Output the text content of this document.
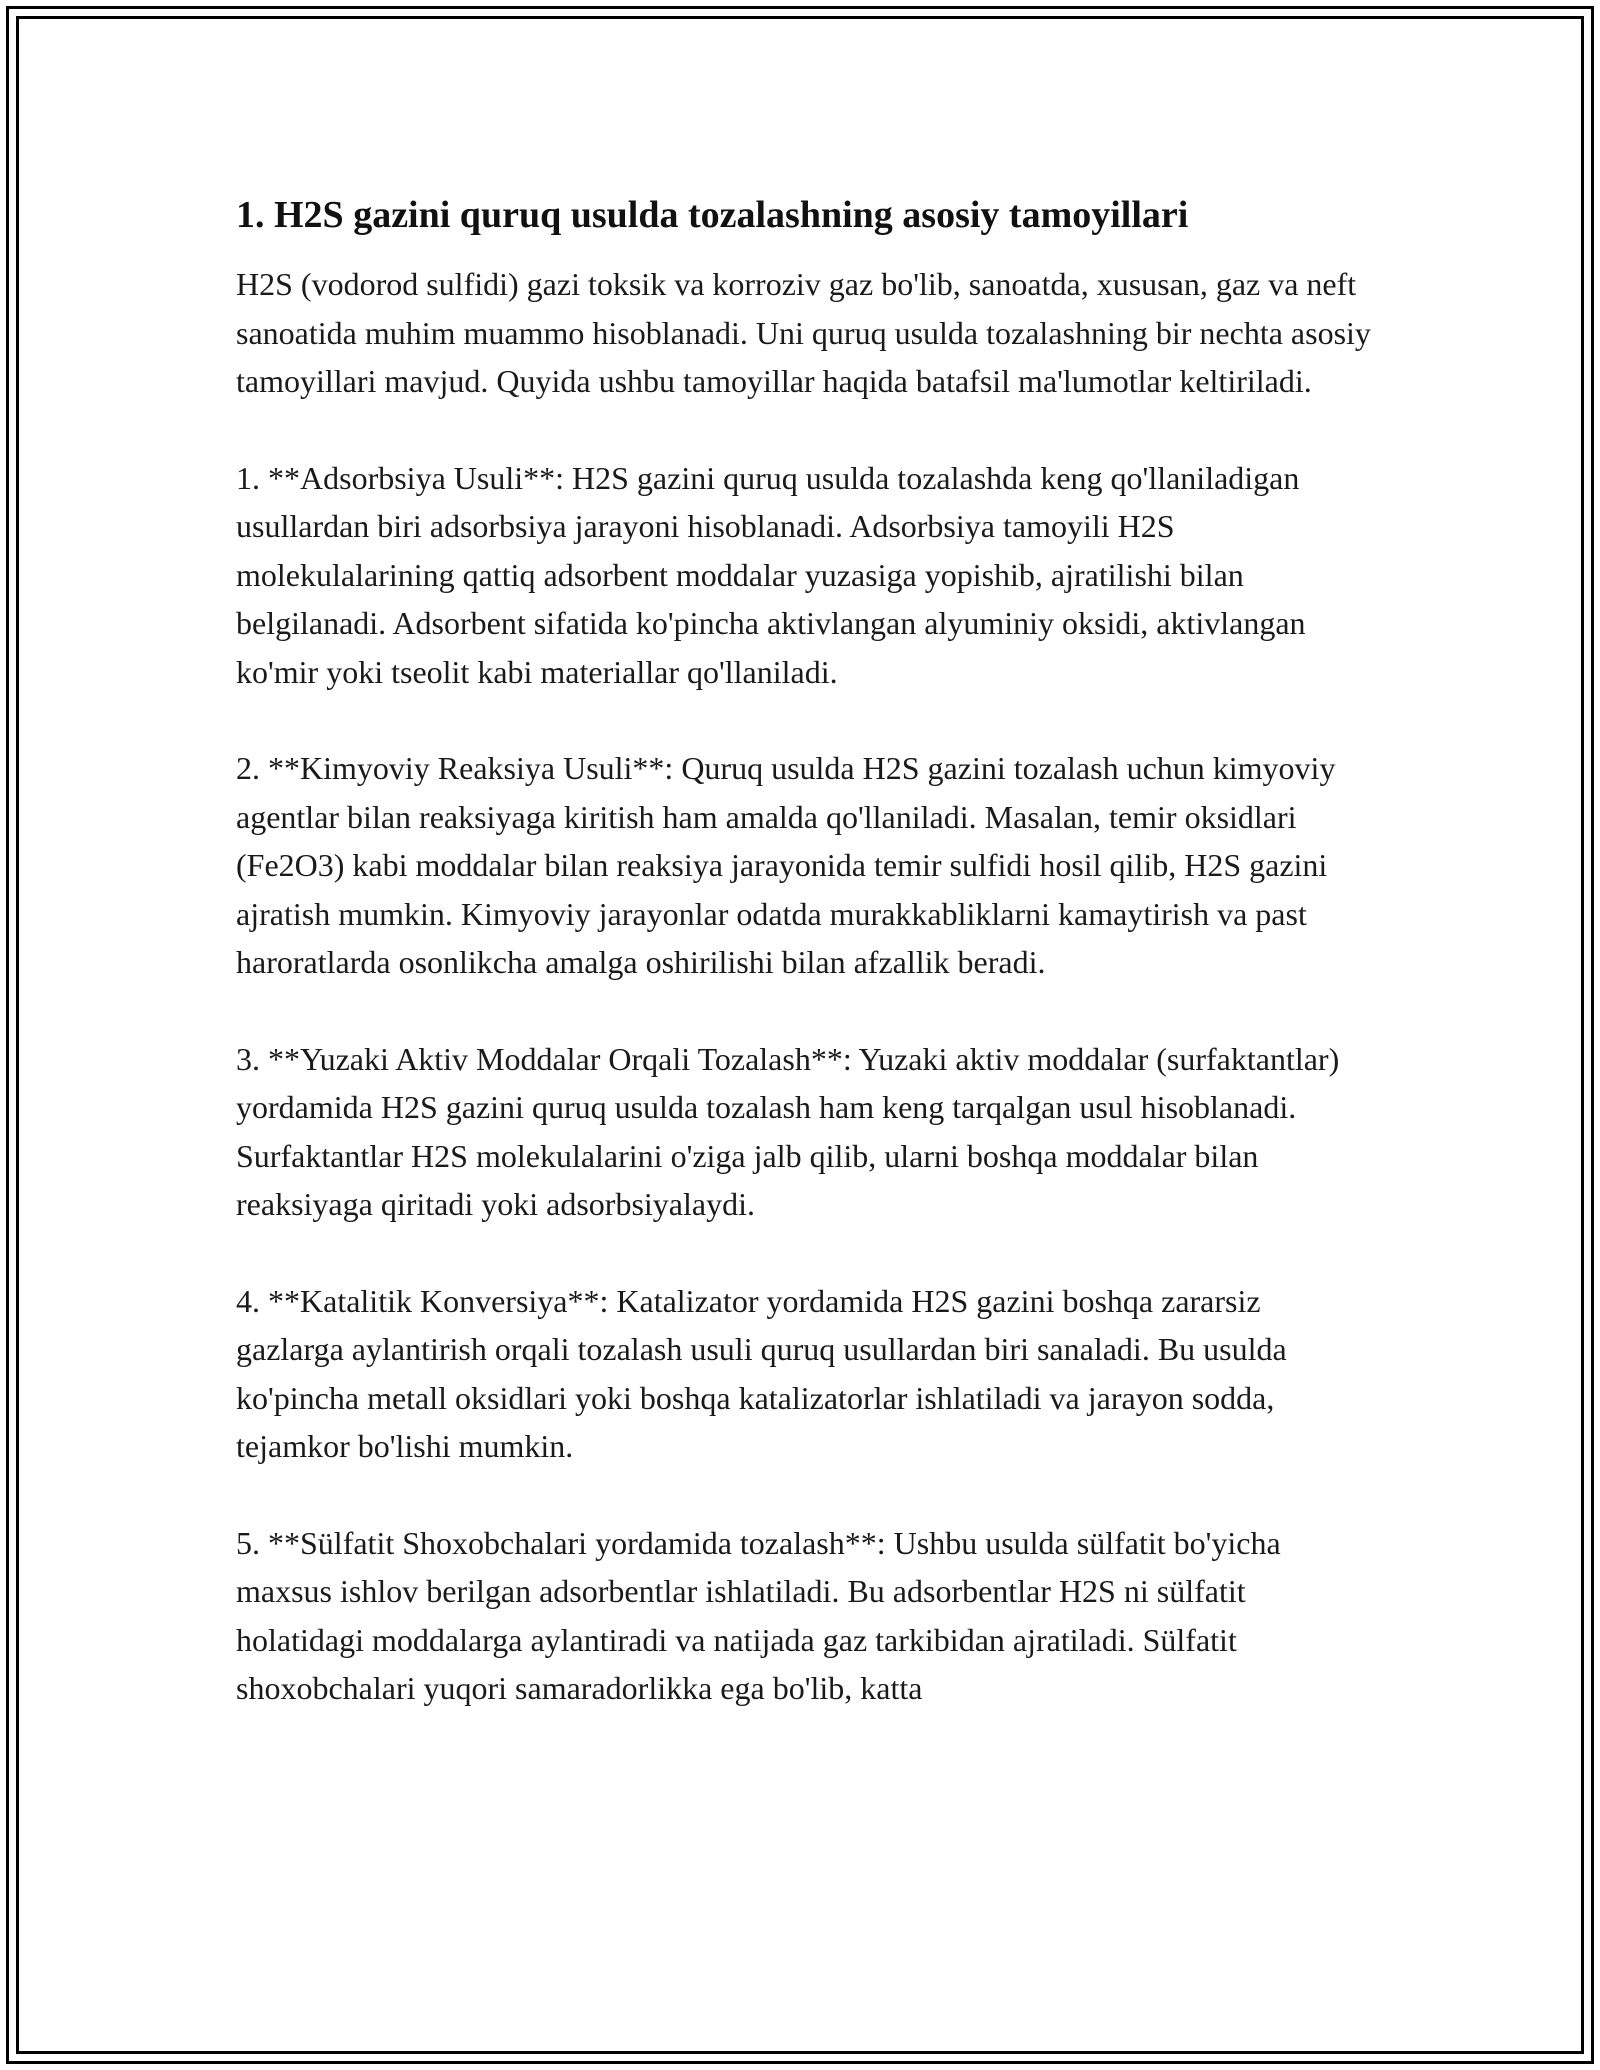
1. H2S gazini quruq usulda tozalashning asosiy tamoyillari

H2S (vodorod sulfidi) gazi toksik va korroziv gaz bo'lib, sanoatda, xususan, gaz va neft sanoatida muhim muammo hisoblanadi. Uni quruq usulda tozalashning bir nechta asosiy tamoyillari mavjud. Quyida ushbu tamoyillar haqida batafsil ma'lumotlar keltiriladi.

1. **Adsorbsiya Usuli**: H2S gazini quruq usulda tozalashda keng qo'llaniladigan usullardan biri adsorbsiya jarayoni hisoblanadi. Adsorbsiya tamoyili H2S molekulalarining qattiq adsorbent moddalar yuzasiga yopishib, ajratilishi bilan belgilanadi. Adsorbent sifatida ko'pincha aktivlangan alyuminiy oksidi, aktivlangan ko'mir yoki tseolit kabi materiallar qo'llaniladi.

2. **Kimyoviy Reaksiya Usuli**: Quruq usulda H2S gazini tozalash uchun kimyoviy agentlar bilan reaksiyaga kiritish ham amalda qo'llaniladi. Masalan, temir oksidlari (Fe2O3) kabi moddalar bilan reaksiya jarayonida temir sulfidi hosil qilib, H2S gazini ajratish mumkin. Kimyoviy jarayonlar odatda murakkabliklarni kamaytirish va past haroratlarda osonlikcha amalga oshirilishi bilan afzallik beradi.

3. **Yuzaki Aktiv Moddalar Orqali Tozalash**: Yuzaki aktiv moddalar (surfaktantlar) yordamida H2S gazini quruq usulda tozalash ham keng tarqalgan usul hisoblanadi. Surfaktantlar H2S molekulalarini o'ziga jalb qilib, ularni boshqa moddalar bilan reaksiyaga qiritadi yoki adsorbsiyalaydi.

4. **Katalitik Konversiya**: Katalizator yordamida H2S gazini boshqa zararsiz gazlarga aylantirish orqali tozalash usuli quruq usullardan biri sanaladi. Bu usulda ko'pincha metall oksidlari yoki boshqa katalizatorlar ishlatiladi va jarayon sodda, tejamkor bo'lishi mumkin.

5. **Sülfatit Shoxobchalari yordamida tozalash**: Ushbu usulda sülfatit bo'yicha maxsus ishlov berilgan adsorbentlar ishlatiladi. Bu adsorbentlar H2S ni sülfatit holatidagi moddalarga aylantiradi va natijada gaz tarkibidan ajratiladi. Sülfatit shoxobchalari yuqori samaradorlikka ega bo'lib, katta
